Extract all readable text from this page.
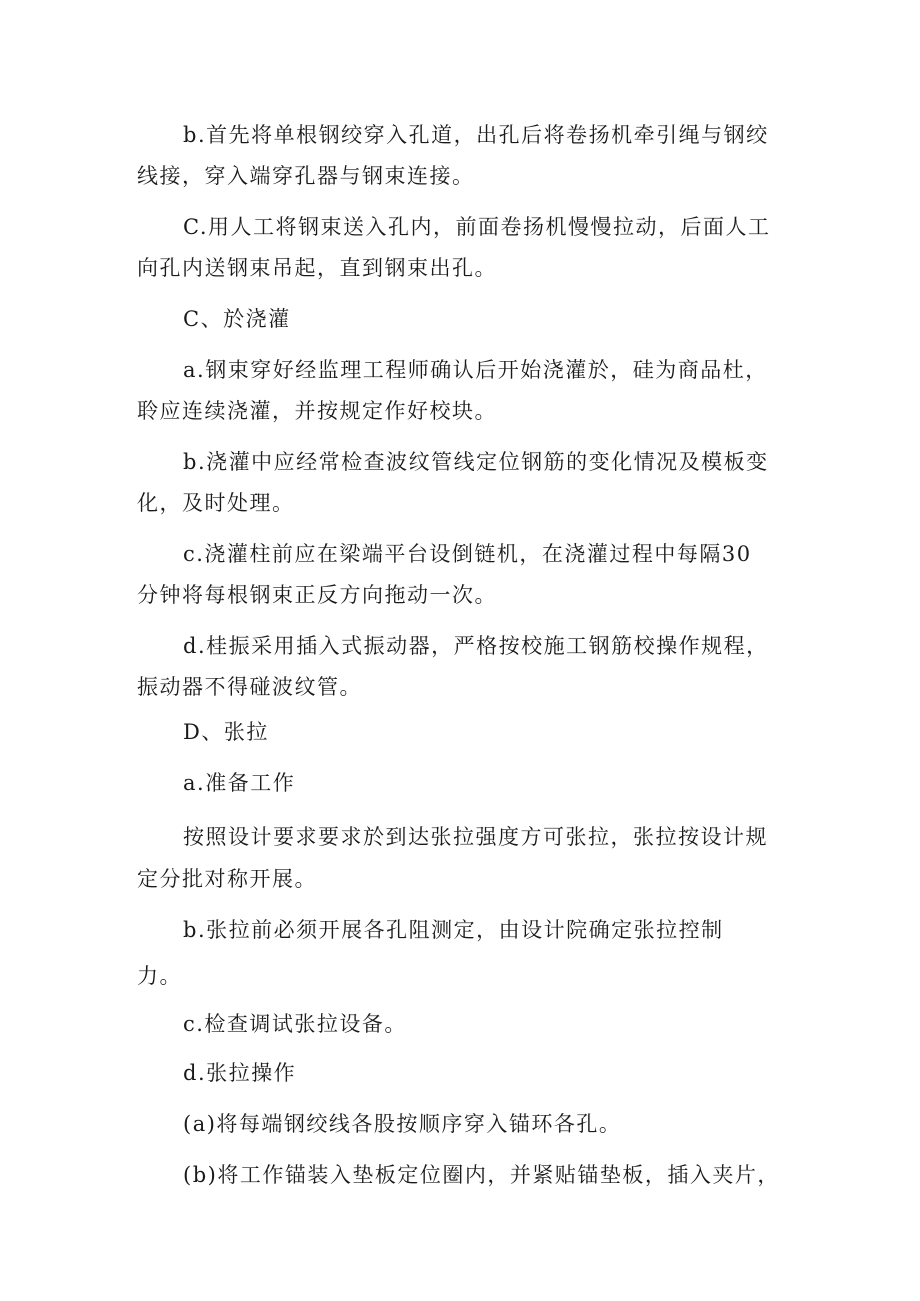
b.首先将单根钢绞穿入孔道，出孔后将卷扬机牵引绳与钢绞
线接，穿入端穿孔器与钢束连接。
C.用人工将钢束送入孔内，前面卷扬机慢慢拉动，后面人工
向孔内送钢束吊起，直到钢束出孔。
C、於浇灌
a.钢束穿好经监理工程师确认后开始浇灌於，硅为商品杜，
聆应连续浇灌，并按规定作好校块。
b.浇灌中应经常检查波纹管线定位钢筋的变化情况及模板变
化，及时处理。
c.浇灌柱前应在梁端平台设倒链机，在浇灌过程中每隔30
分钟将每根钢束正反方向拖动一次。
d.桂振采用插入式振动器，严格按校施工钢筋校操作规程，
振动器不得碰波纹管。
D、张拉
a.准备工作
按照设计要求要求於到达张拉强度方可张拉，张拉按设计规
定分批对称开展。
b.张拉前必须开展各孔阻测定，由设计院确定张拉控制
力。
c.检查调试张拉设备。
d.张拉操作
(a)将每端钢绞线各股按顺序穿入锚环各孔。
(b)将工作锚装入垫板定位圈内，并紧贴锚垫板，插入夹片，
